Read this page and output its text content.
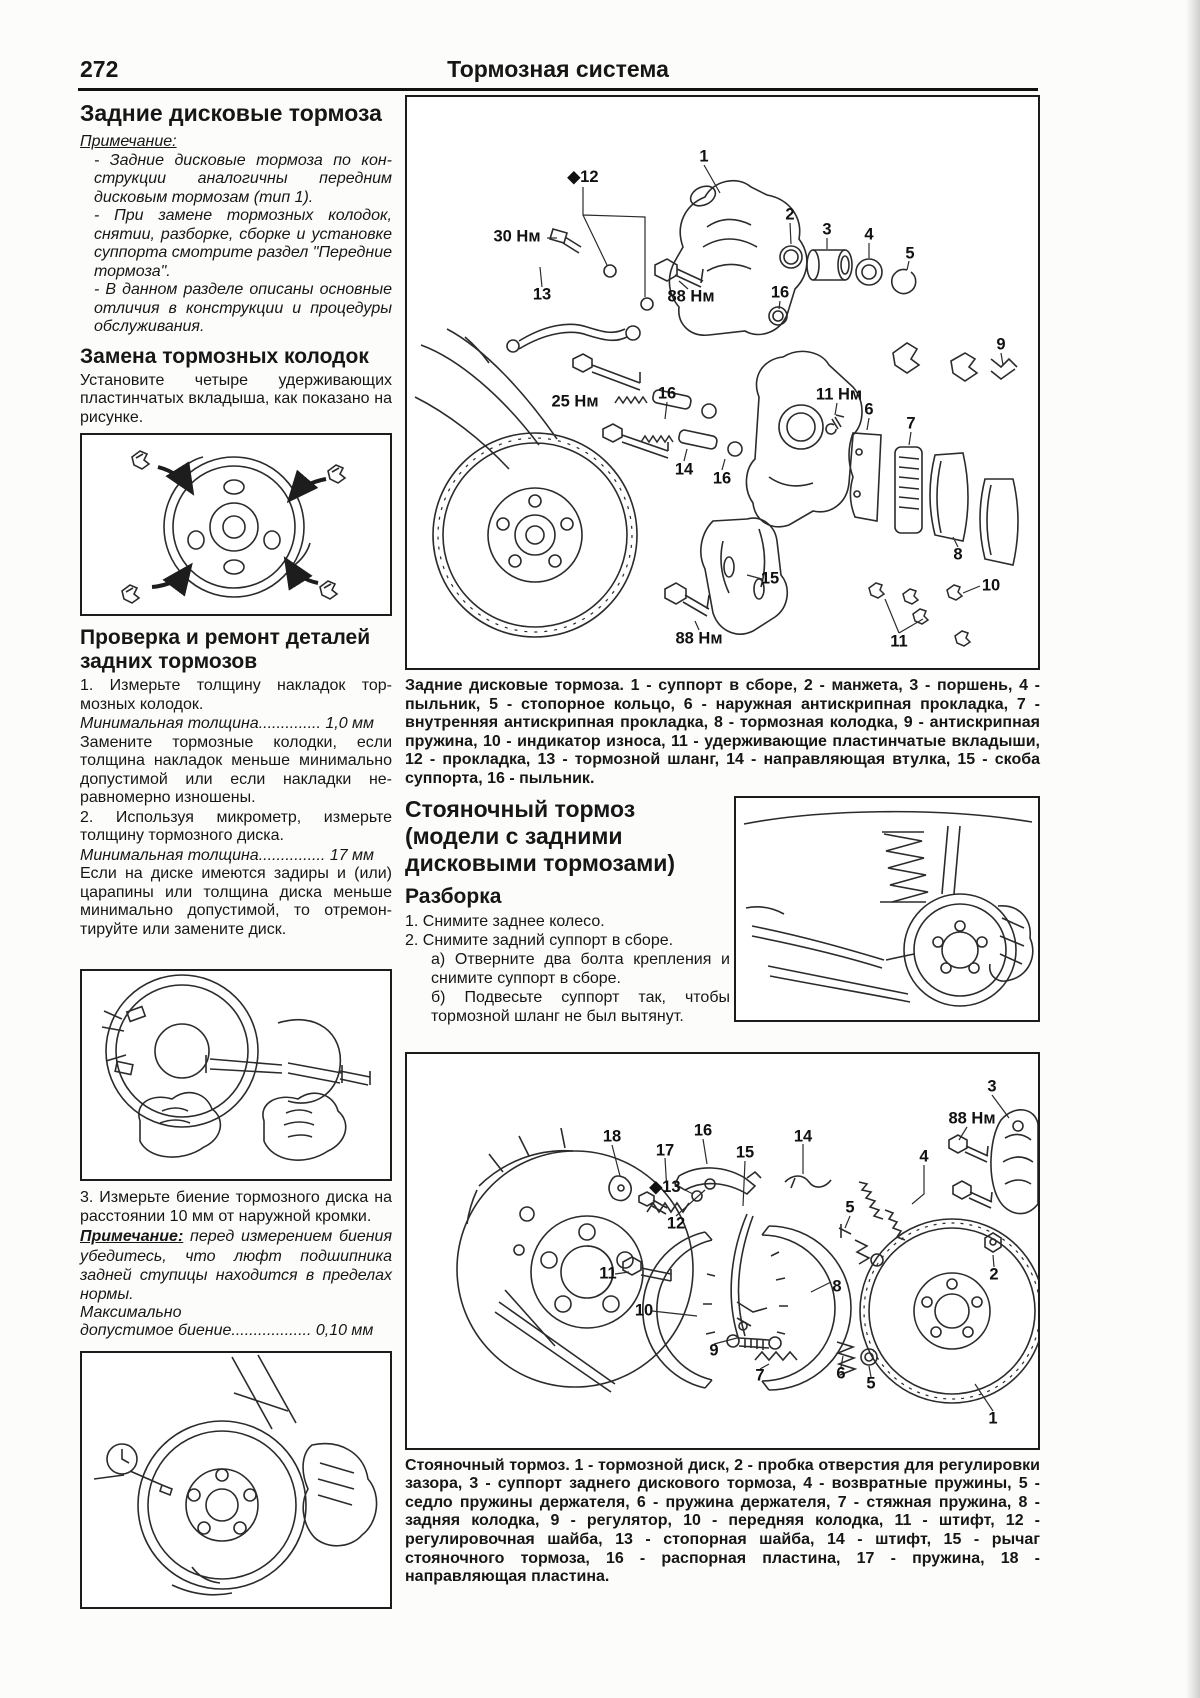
272	Тормозная система
Задние дисковые тормоза
Примечание:

- Задние дисковые тормоза по конструкции аналогичны передним дисковым тормозам (тип 1).

- При замене тормозных колодок, снятии, разборке, сборке и установке суппорта смотрите раздел "Передние тормоза".

- В данном разделе описаны основные отличия в конструкции и процедуры обслуживания.

Замена тормозных колодок

Установите четыре удерживающих пластинчатых вкладыша, как показано на рисунке.

Проверка и ремонт деталей задних тормозов

1. Измерьте толщину накладок тормозных колодок.

Минимальная толщина.............. 1,0 мм

Замените тормозные колодки, если толщина накладок меньше минимально допустимой или если накладки неравномерно изношены.

2. Используя микрометр, измерьте толщину тормозного диска.

Минимальная толщина............... 17 мм

Если на диске имеются задиры и (или) царапины или толщина диска меньше минимально допустимой, то отремонтируйте или замените диск.

3. Измерьте биение тормозного диска на расстоянии 10 мм от наружной кромки.

Примечание: перед измерением биения убедитесь, что люфт подшипника задней ступицы находится в пределах нормы.

Максимально

допустимое биение.................. 0,10 мм

1
◆12
30 Нм
13	88 Нм
2
3 4
5
16
25 Нм	16
14 16
11 Нм
6
7
9
8
15	10
11
88 Нм

Задние дисковые тормоза. 1 - суппорт в сборе, 2 - манжета, 3 - поршень, 4 - пыльник, 5 - стопорное кольцо, 6 - наружная антискрипная прокладка, 7 - внутренняя антискрипная прокладка, 8 - тормозная колодка, 9 - антискрипная пружина, 10 - индикатор износа, 11 - удерживающие пластинчатые вкладыши, 12 - прокладка, 13 - тормозной шланг, 14 - направляющая втулка, 15 - скоба суппорта, 16 - пыльник.

Стояночный тормоз (модели с задними дисковыми тормозами)
Разборка

1. Снимите заднее колесо.

2. Снимите задний суппорт в сборе.

а) Отверните два болта крепления и снимите суппорт в сборе.

б) Подвесьте суппорт так, чтобы тормозной шланг не был вытянут.

18
17
16	14
88 Нм
3
4
15
◆13
12
11
10
9
7	6
5
5
8
2
1

Стояночный тормоз. 1 - тормозной диск, 2 - пробка отверстия для регулировки зазора, 3 - суппорт заднего дискового тормоза, 4 - возвратные пружины, 5 - седло пружины держателя, 6 - пружина держателя, 7 - стяжная пружина, 8 - задняя колодка, 9 - регулятор, 10 - передняя колодка, 11 - штифт, 12 - регулировочная шайба, 13 - стопорная шайба, 14 - штифт, 15 - рычаг стояночного тормоза, 16 - распорная пластина, 17 - пружина, 18 - направляющая пластина.
